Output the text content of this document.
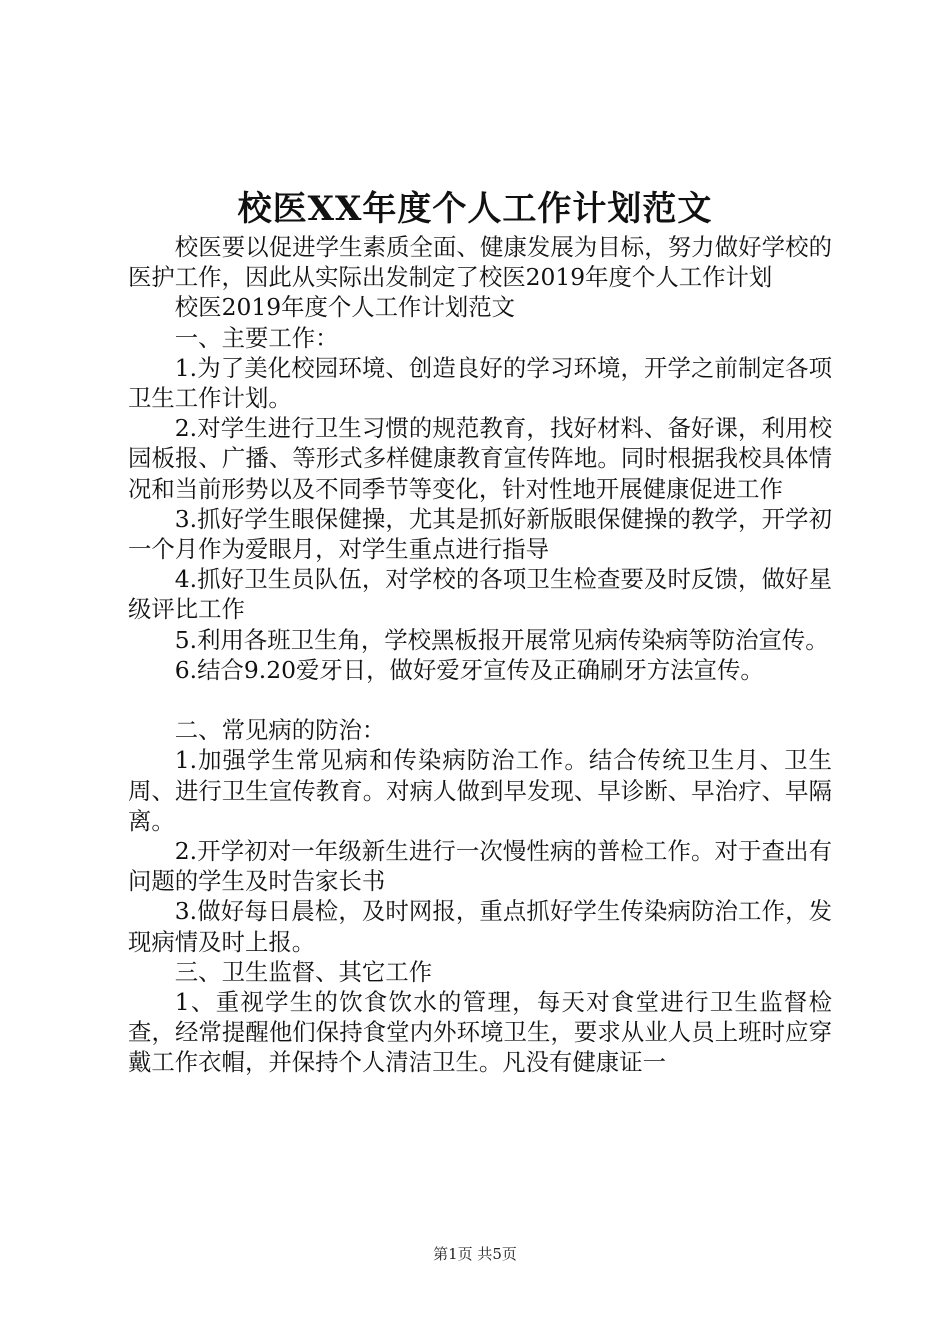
校医XX年度个人工作计划范文

校医要以促进学生素质全面、健康发展为目标，努力做好学校的医护工作，因此从实际出发制定了校医2019年度个人工作计划

校医2019年度个人工作计划范文

一、主要工作：

1.为了美化校园环境、创造良好的学习环境，开学之前制定各项卫生工作计划。

2.对学生进行卫生习惯的规范教育，找好材料、备好课，利用校园板报、广播、等形式多样健康教育宣传阵地。同时根据我校具体情况和当前形势以及不同季节等变化，针对性地开展健康促进工作

3.抓好学生眼保健操，尤其是抓好新版眼保健操的教学，开学初一个月作为爱眼月，对学生重点进行指导

4.抓好卫生员队伍，对学校的各项卫生检查要及时反馈，做好星级评比工作

5.利用各班卫生角，学校黑板报开展常见病传染病等防治宣传。

6.结合9.20爱牙日，做好爱牙宣传及正确刷牙方法宣传。

二、常见病的防治：

1.加强学生常见病和传染病防治工作。结合传统卫生月、卫生周、进行卫生宣传教育。对病人做到早发现、早诊断、早治疗、早隔离。

2.开学初对一年级新生进行一次慢性病的普检工作。对于查出有问题的学生及时告家长书

3.做好每日晨检，及时网报，重点抓好学生传染病防治工作，发现病情及时上报。

三、卫生监督、其它工作

1、重视学生的饮食饮水的管理，每天对食堂进行卫生监督检查，经常提醒他们保持食堂内外环境卫生，要求从业人员上班时应穿戴工作衣帽，并保持个人清洁卫生。凡没有健康证一

第1页 共5页
